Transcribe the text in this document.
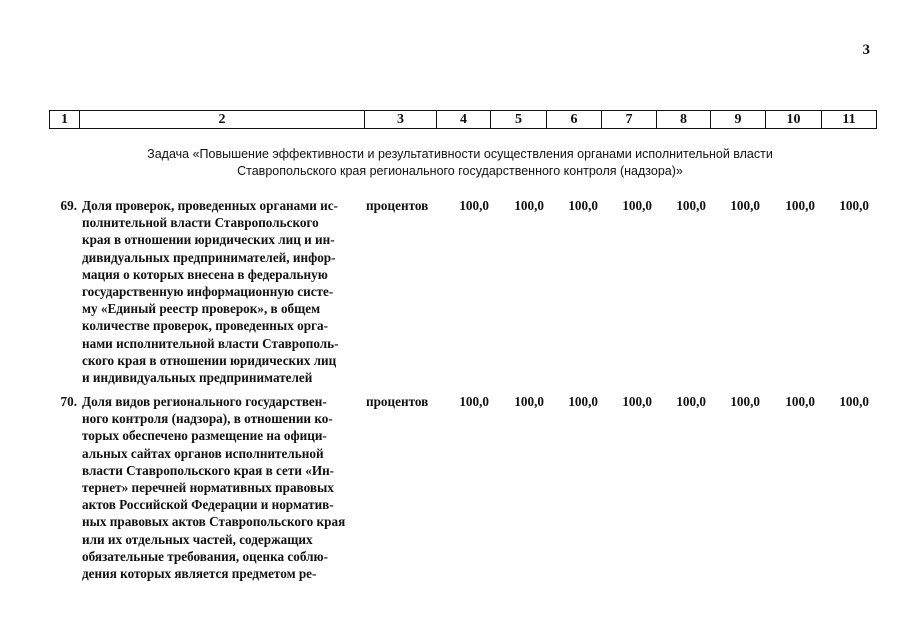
3
1	2	3	4	5	6	7	8	9	10	11
Задача «Повышение эффективности и результативности осуществления органами исполнительной власти
Ставропольского края регионального государственного контроля (надзора)»
69. Доля проверок, проведенных органами ис-
полнительной власти Ставропольского
края в отношении юридических лиц и ин-
дивидуальных предпринимателей, инфор-
мация о которых внесена в федеральную
государственную информационную систе-
му «Единый реестр проверок», в общем
количестве проверок, проведенных орга-
нами исполнительной власти Ставрополь-
ского края в отношении юридических лиц
и индивидуальных предпринимателей
процентов	100,0	100,0	100,0	100,0	100,0	100,0	100,0	100,0
70. Доля видов регионального государствен-
ного контроля (надзора), в отношении ко-
торых обеспечено размещение на офици-
альных сайтах органов исполнительной
власти Ставропольского края в сети «Ин-
тернет» перечней нормативных правовых
актов Российской Федерации и норматив-
ных правовых актов Ставропольского края
или их отдельных частей, содержащих
обязательные требования, оценка соблю-
дения которых является предметом ре-
процентов	100,0	100,0	100,0	100,0	100,0	100,0	100,0	100,0
